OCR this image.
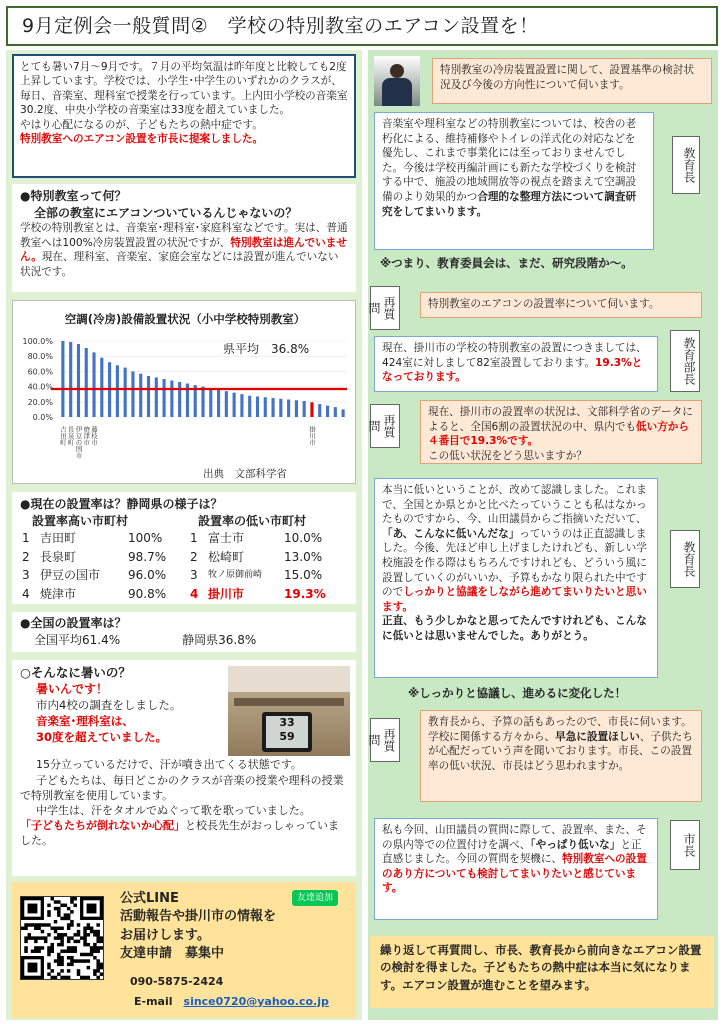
9月定例会一般質問②　学校の特別教室のエアコン設置を！
とても暑い7月～9月です。７月の平均気温は昨年度と比較しても2度上昇しています。学校では、小学生･中学生のいずれかのクラスが、毎日、音楽室、理科室で授業を行っています。上内田小学校の音楽室30.2度、中央小学校の音楽室は33度を超えていました。
やはり心配になるのが、子どもたちの熱中症です。
特別教室へのエアコン設置を市長に提案しました。
●特別教室って何？
全部の教室にエアコンついているんじゃないの？
学校の特別教室とは、音楽室･理科室･家庭科室などです。実は、普通教室へは100%冷房装置設置の状況ですが、特別教室は進んでいません。現在、理科室、音楽室、家庭会室などには設置が進んでいない状況です。
空調(冷房)設備設置状況（小中学校特別教室）
県平均　36.8%
出典　文部科学省
100.0%
80.0%
60.0%
40.0%
20.0%
0.0%
吉田町 長泉町 伊豆の国市 焼津市 藤枝市	掛川市
●現在の設置率は？静岡県の様子は？
設置率高い市町村
1	吉田町	100%
2	長泉町	98.7%
3	伊豆の国市	96.0%
4	焼津市	90.8%
設置率の低い市町村
1	富士市	10.0%
2	松崎町	13.0%
3	牧ノ原御前崎	15.0%
4	掛川市	19.3%
●全国の設置率は？
全国平均61.4%	静岡県36.8%
33
59
○そんなに暑いの？
暑いんです！
市内4校の調査をしました。
音楽室･理科室は、
30度を超えていました。
15分立っているだけで、汗が噴き出てくる状態です。
子どもたちは、毎日どこかのクラスが音楽の授業や理科の授業で特別教室を使用しています。
中学生は、汗をタオルでぬぐって歌を歌っていました。
「子どもたちが倒れないか心配」と校長先生がおっしゃっていました。
友達追加
公式LINE
活動報告や掛川市の情報を
お届けします。
友達申請　募集中
090-5875-2424
E-mail　 since0720@yahoo.co.jp
特別教室の冷房装置設置に関して、設置基準の検討状況及び今後の方向性について伺います。
音楽室や理科室などの特別教室については、校舎の老朽化による、維持補修やトイレの洋式化の対応などを優先し、これまで事業化には至っておりませんでした。今後は学校再編計画にも新たな学校づくりを検討する中で、施設の地域開放等の視点を踏まえて空調設備のより効果的かつ合理的な整理方法について調査研究をしてまいります。
教育長
※つまり、教育委員会は、まだ、研究段階か～。
再質問	特別教室のエアコンの設置率について伺います。
現在、掛川市の学校の特別教室の設置につきましては、424室に対しまして82室設置しております。19.3%となっております。	教育部長
再質問
現在、掛川市の設置率の状況は、文部科学省のデータによると、全国6割の設置状況の中、県内でも低い方から４番目で19.3%です。
この低い状況をどう思いますか？
本当に低いということが、改めて認識しました。これまで、全国とか県とかと比べたっていうことも私はなかったものですから、今、山田議員からご指摘いただいて、「あ、こんなに低いんだな」っていうのは正直認識しました。今後、先ほど申し上げましたけれども、新しい学校施設を作る際はもちろんですけれども、どういう風に設置していくのがいいか、予算もかなり限られた中ですのでしっかりと協議をしながら進めてまいりたいと思います。
正直、もう少しかなと思ってたんですけれども、こんなに低いとは思いませんでした。ありがとう。
教育長
※しっかりと協議し、進めるに変化した！
再質問
教育長から、予算の話もあったので、市長に伺います。学校に関係する方々から、早急に設置ほしい、子供たちが心配だっていう声を聞いております。市長、この設置率の低い状況、市長はどう思われますか。
私も今回、山田議員の質問に際して、設置率、また、その県内等での位置付けを調べ、「やっぱり低いな」と正直感じました。今回の質問を契機に、特別教室への設置のあり方についても検討してまいりたいと感じています。
市長
繰り返して再質問し、市長、教育長から前向きなエアコン設置の検討を得ました。子どもたちの熱中症は本当に気になります。エアコン設置が進むことを望みます。
